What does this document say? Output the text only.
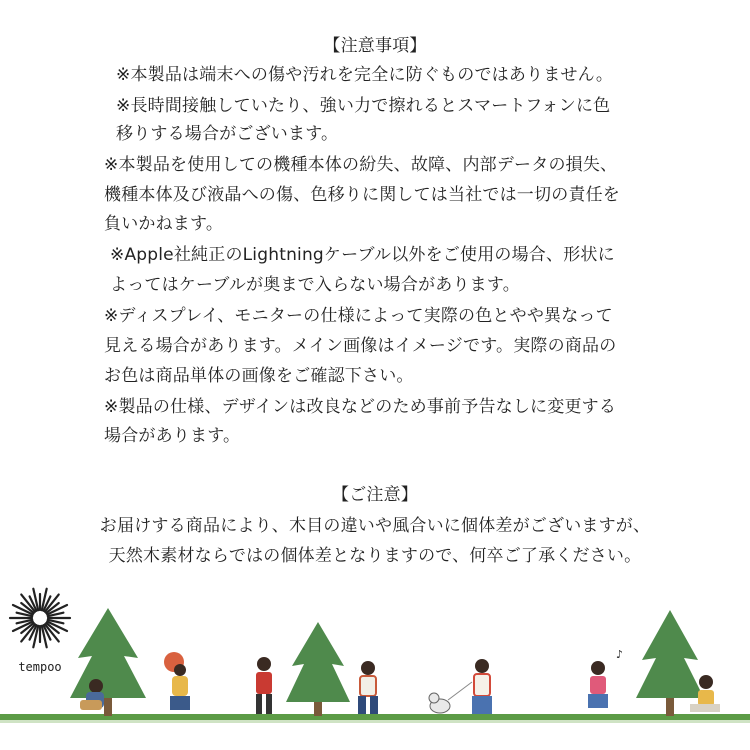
【注意事項】
※本製品は端末への傷や汚れを完全に防ぐものではありません。
※長時間接触していたり、強い力で擦れるとスマートフォンに色
移りする場合がございます。
※本製品を使用しての機種本体の紛失、故障、内部データの損失、
機種本体及び液晶への傷、色移りに関しては当社では一切の責任を
負いかねます。
※Apple社純正のLightningケーブル以外をご使用の場合、形状に
よってはケーブルが奥まで入らない場合があります。
※ディスプレイ、モニターの仕様によって実際の色とやや異なって
見える場合があります。メイン画像はイメージです。実際の商品の
お色は商品単体の画像をご確認下さい。
※製品の仕様、デザインは改良などのため事前予告なしに変更する
場合があります。
【ご注意】
お届けする商品により、木目の違いや風合いに個体差がございますが、
天然木素材ならではの個体差となりますので、何卒ご了承ください。
tempoo
♪
